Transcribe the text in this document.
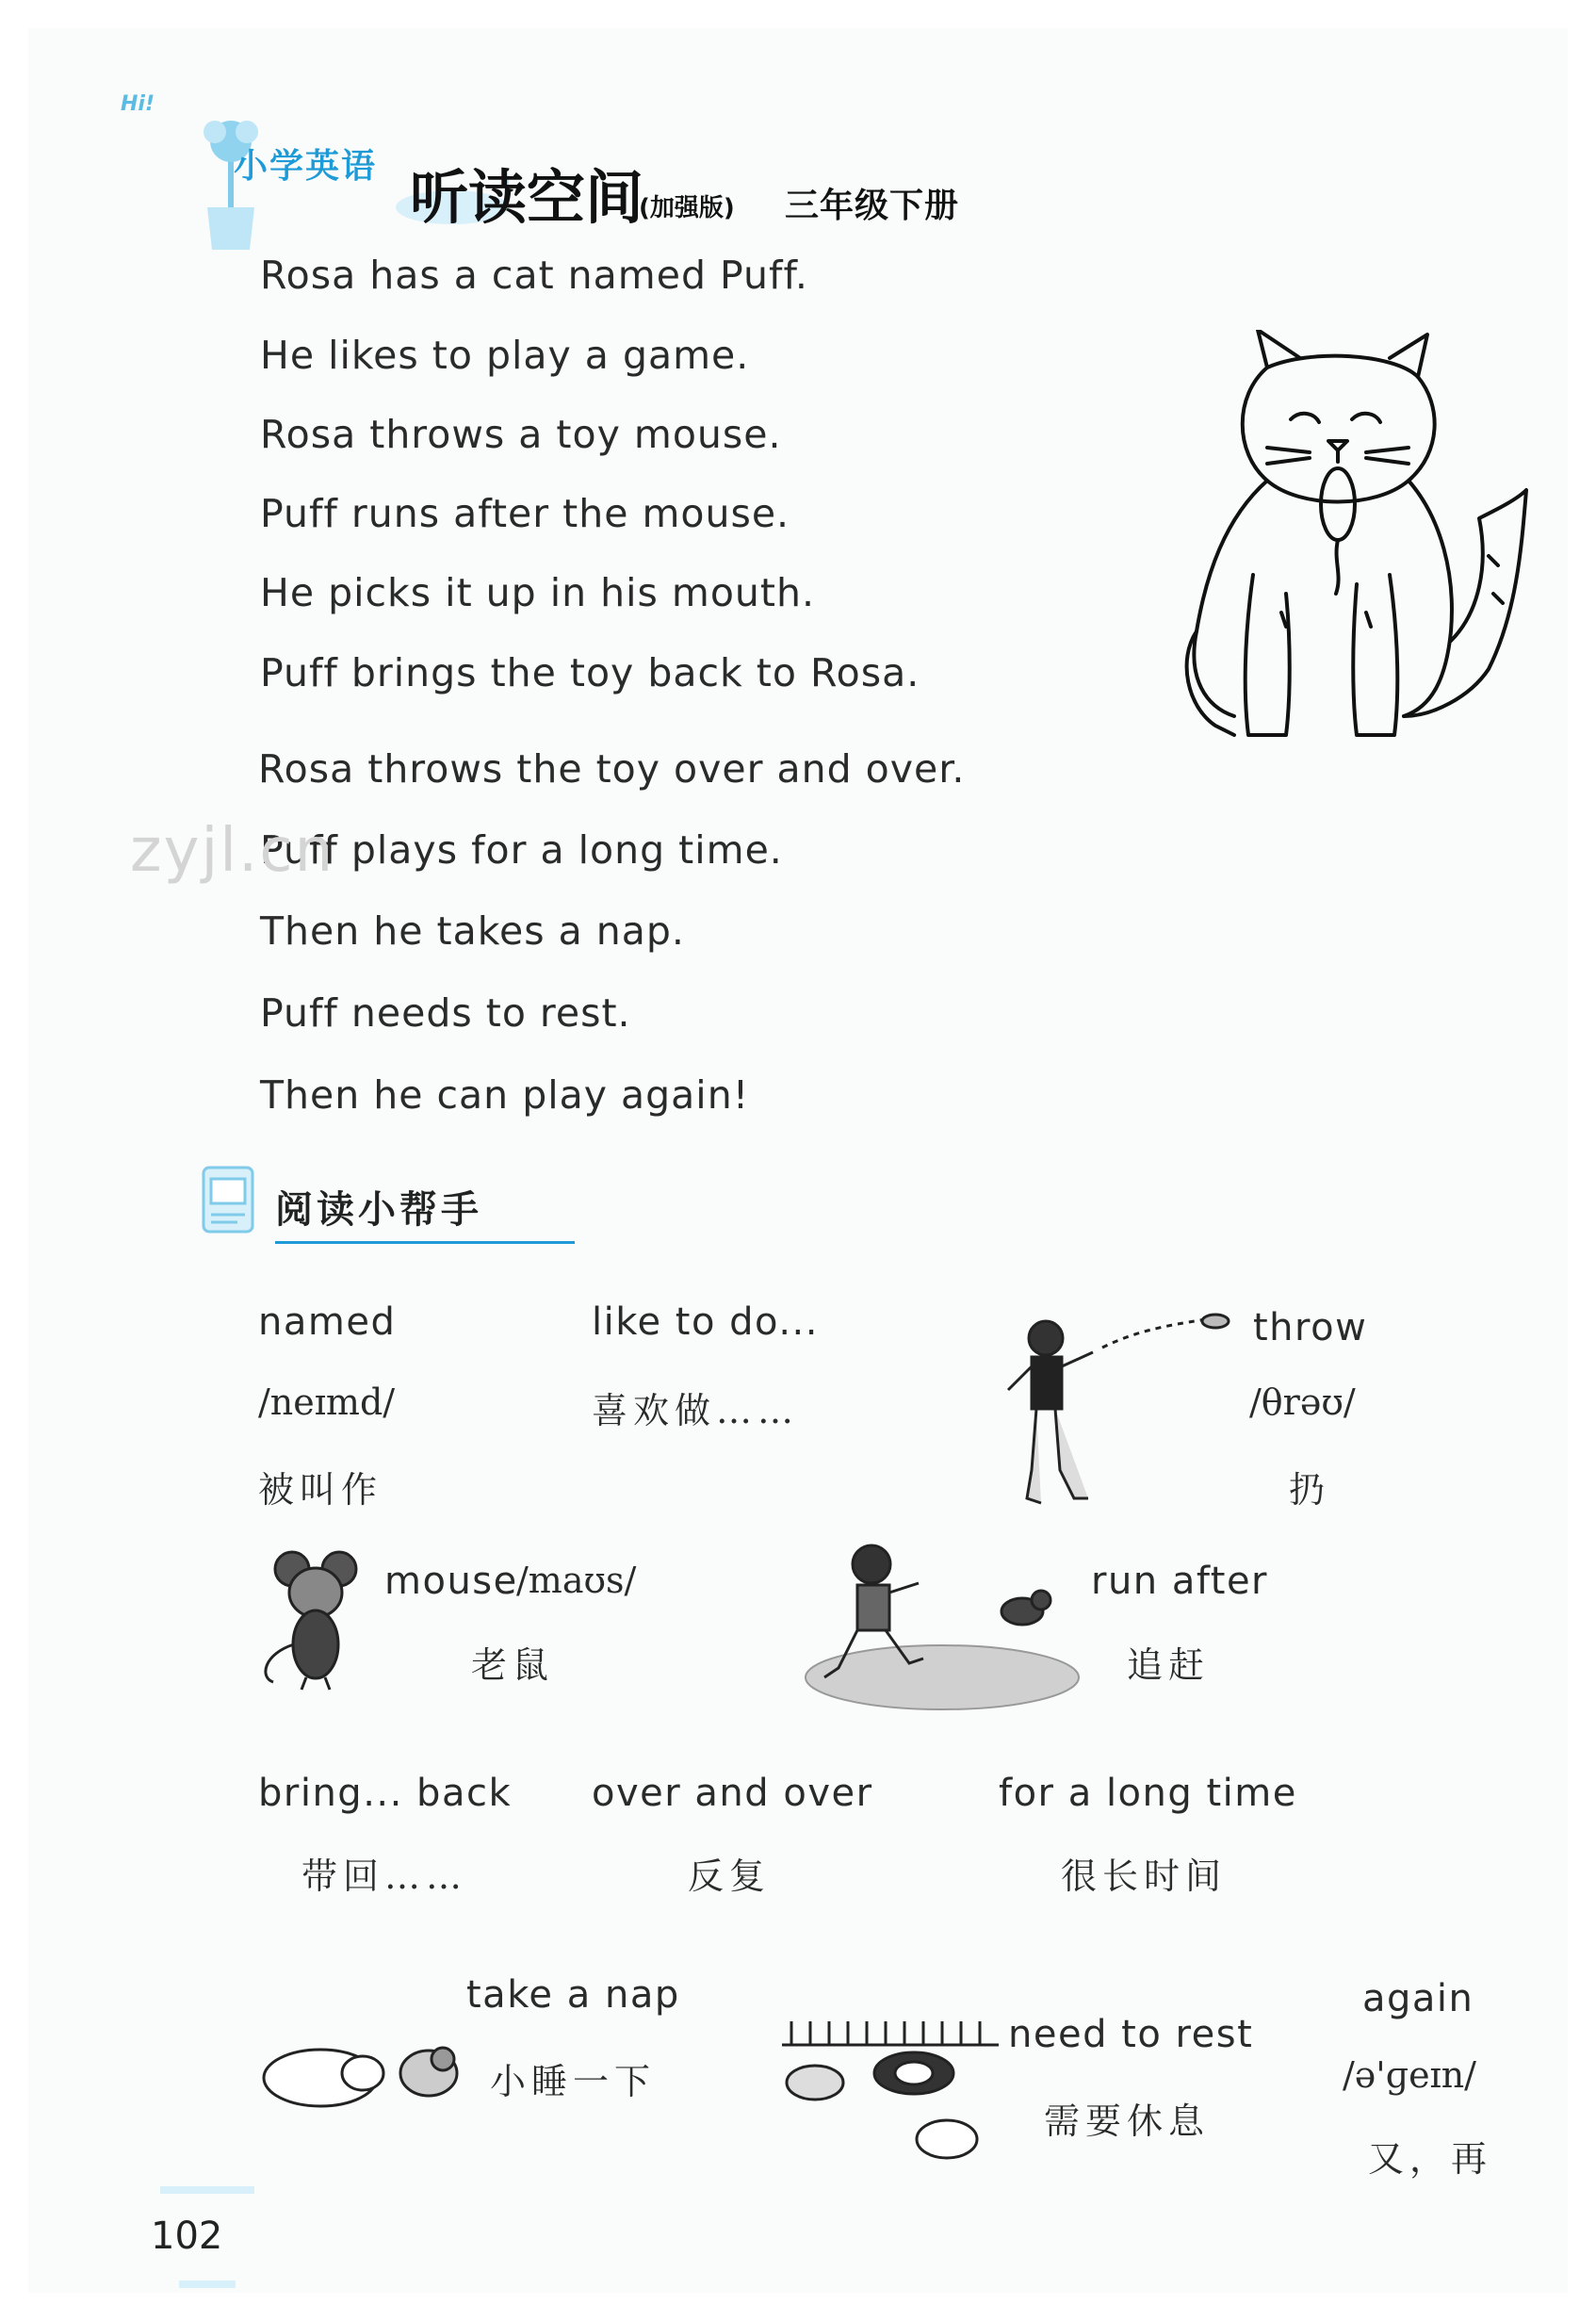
Hi!
小学英语 听读空间
(加强版) 三年级下册
Rosa has a cat named Puff.
He likes to play a game.
Rosa throws a toy mouse.
Puff runs after the mouse.
He picks it up in his mouth.
Puff brings the toy back to Rosa.
Rosa throws the toy over and over.
Puff plays for a long time.
Then he takes a nap.
Puff needs to rest.
Then he can play again!
zyjl.cn
阅读小帮手
named
/neɪmd/
被叫作
like to do...
喜欢做……
throw
/θrəʊ/
扔
mouse
/maʊs/
老鼠
run after
追赶
bring... back
带回……
over and over
反复
for a long time
很长时间
take a nap
小睡一下
need to rest
需要休息
again
/ə'ɡeɪn/
又，再
102
